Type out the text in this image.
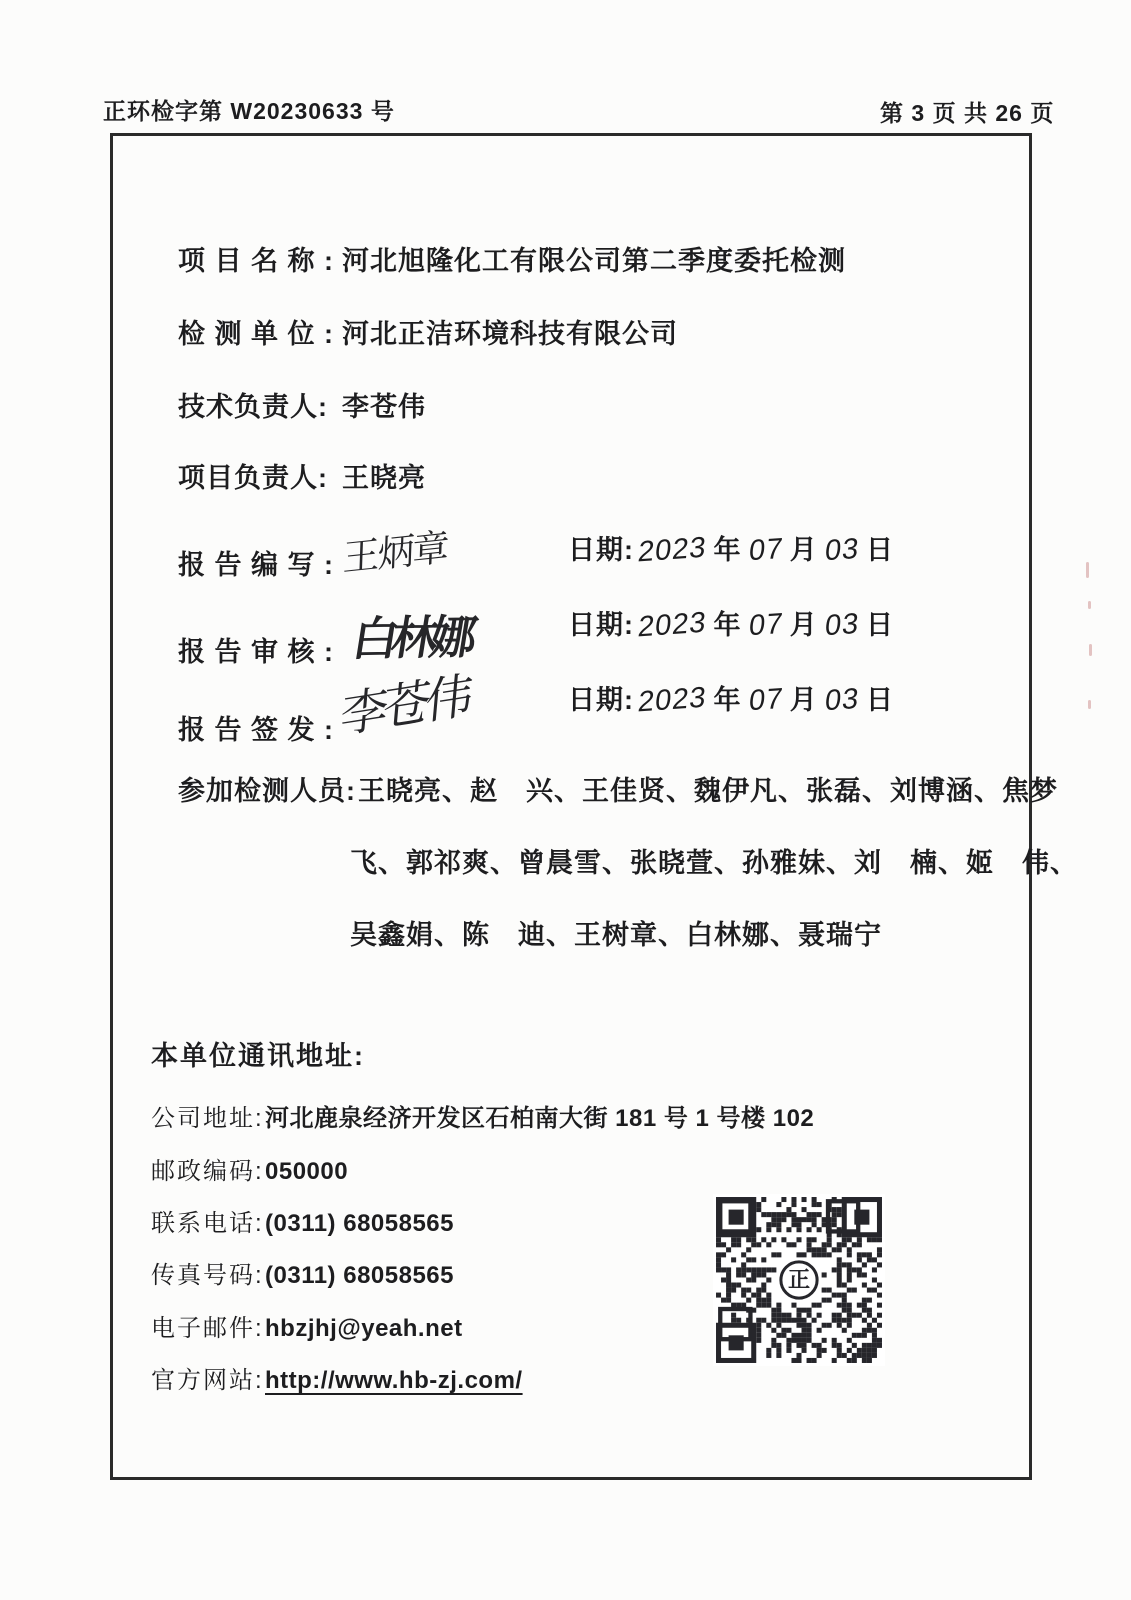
正环检字第 W20230633 号	第 3 页 共 26 页
项 目 名 称 : 河北旭隆化工有限公司第二季度委托检测
检 测 单 位 : 河北正洁环境科技有限公司
技术负责人: 李苍伟
项目负责人: 王晓亮
报 告 编 写 : 王炳章	日期:2023 年 07 月 03 日
报 告 审 核 : 白林娜	日期:2023 年 07 月 03 日
报 告 签 发 :李苍伟	日期:2023 年 07 月 03 日
参加检测人员: 王晓亮、赵　兴、王佳贤、魏伊凡、张磊、刘博涵、焦梦
飞、郭祁爽、曾晨雪、张晓萱、孙雅妹、刘　楠、姬　伟、
吴鑫娟、陈　迪、王树章、白林娜、聂瑞宁
本单位通讯地址:
公司地址:河北鹿泉经济开发区石柏南大街 181 号 1 号楼 102
邮政编码:050000
联系电话:(0311) 68058565
传真号码:(0311) 68058565
电子邮件:hbzjhj@yeah.net
官方网站:http://www.hb-zj.com/
正
